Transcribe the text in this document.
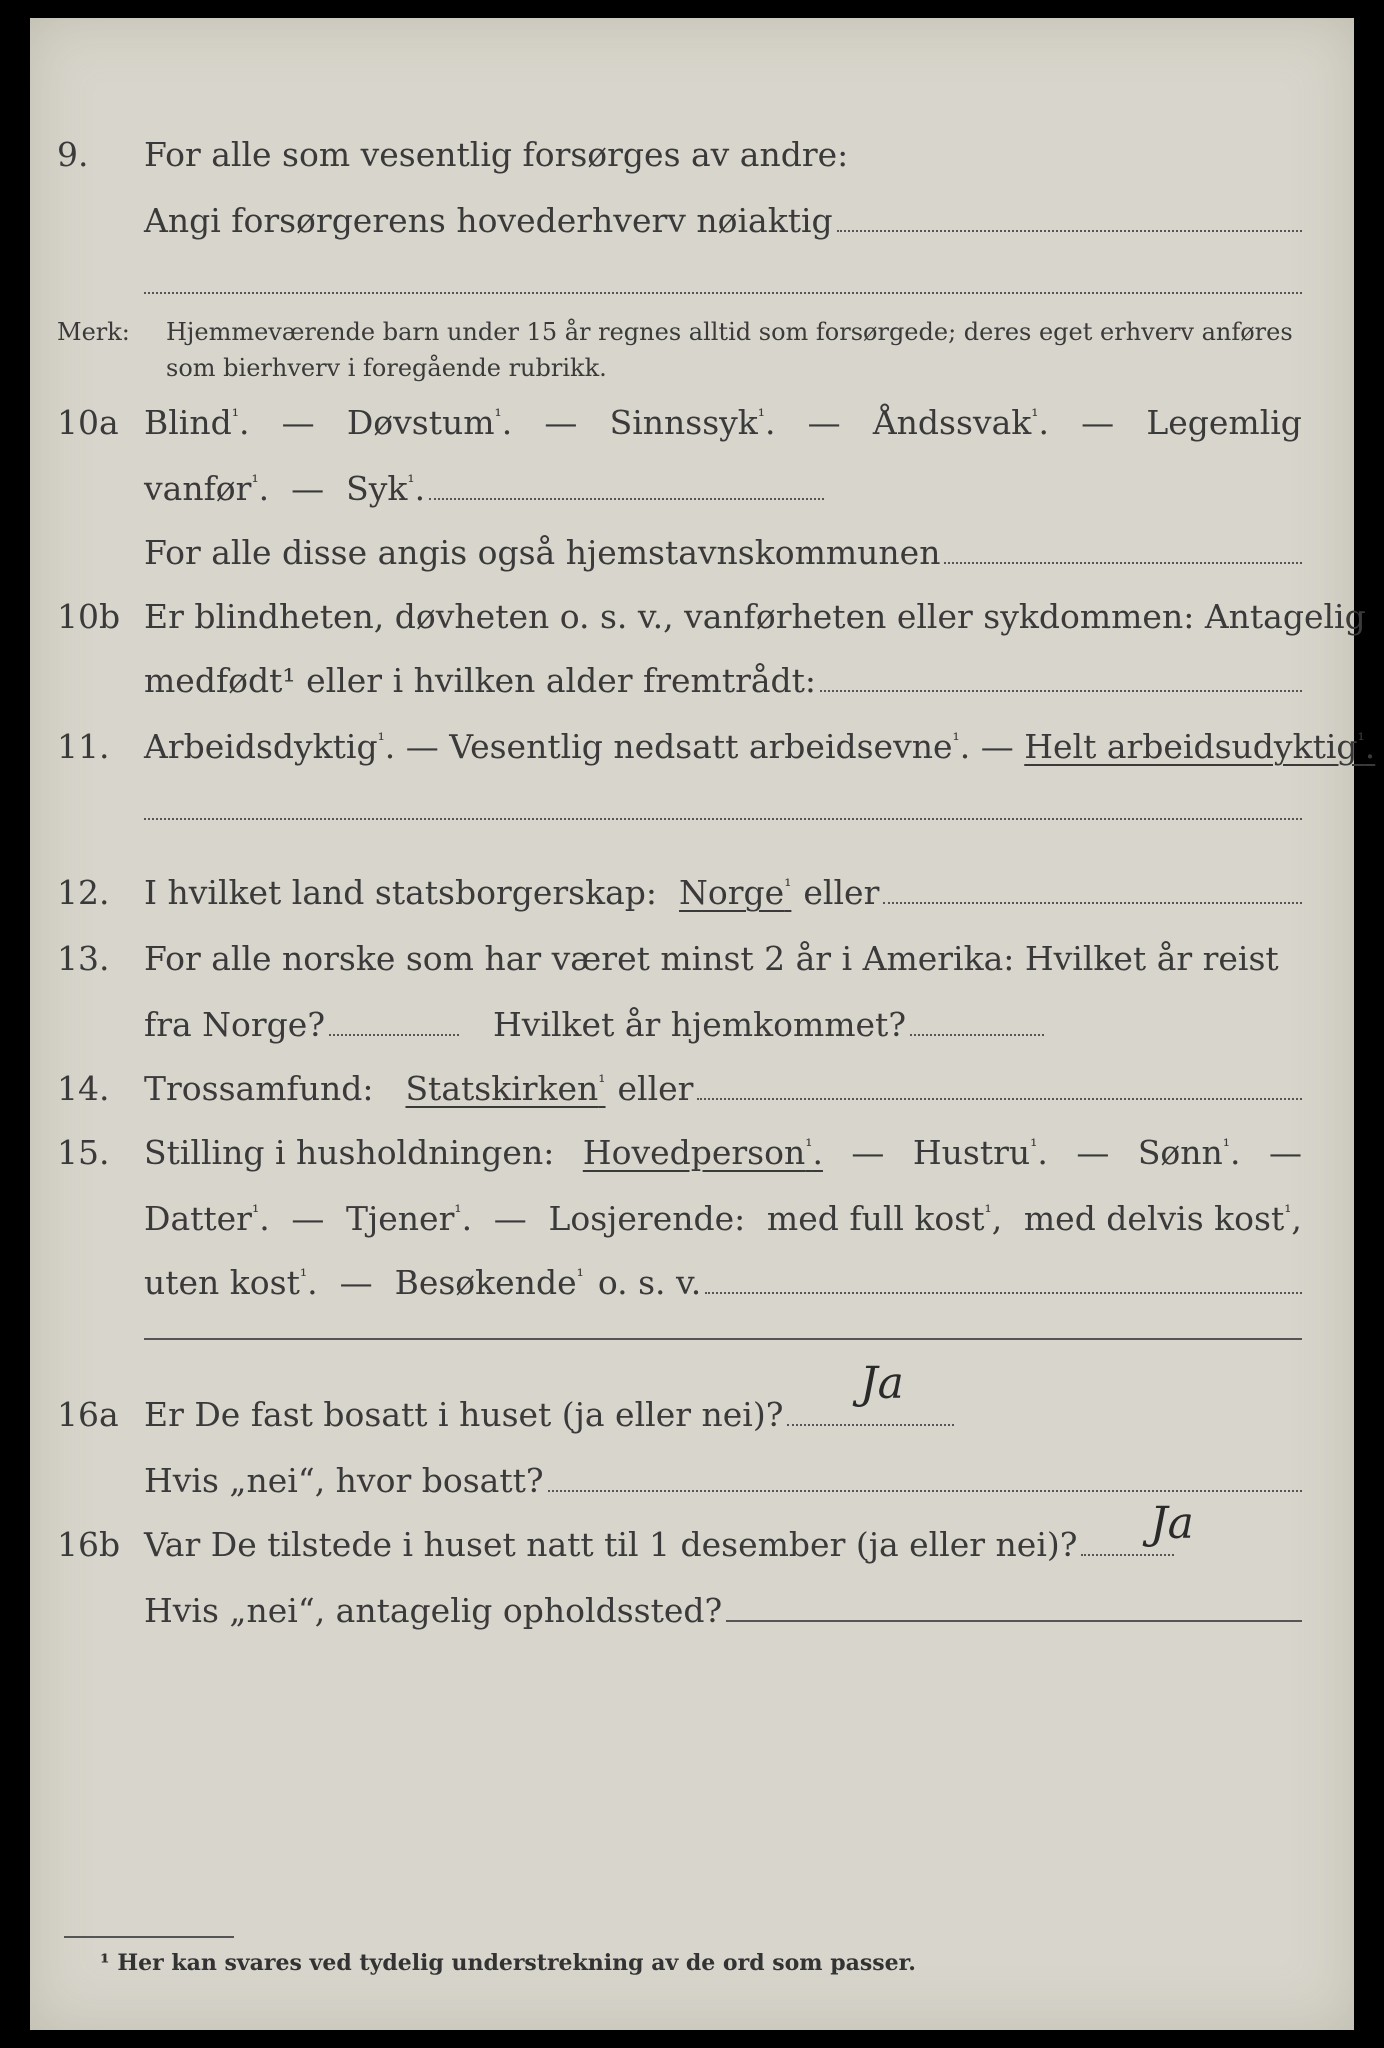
9. For alle som vesentlig forsørges av andre:
Angi forsørgerens hovederhverv nøiaktig
Merk: Hjemmeværende barn under 15 år regnes alltid som forsørgede; deres eget erhverv anføres som bierhverv i foregående rubrikk.
10a Blind$^{^1}$. — Døvstum$^{^1}$. — Sinnssyk$^{^1}$. — Åndssvak$^{^1}$. — Legemlig
vanfør$^{^1}$. — Syk$^{^1}$.
For alle disse angis også hjemstavnskommunen
10b Er blindheten, døvheten o. s. v., vanførheten eller sykdommen: Antagelig
medfødt¹ eller i hvilken alder fremtrådt:
11. Arbeidsdyktig$^{^1}$. — Vesentlig nedsatt arbeidsevne$^{^1}$. — Helt arbeidsudyktig$^{^1}$.
12. I hvilket land statsborgerskap: Norge$^{^1}$ eller
13. For alle norske som har været minst 2 år i Amerika: Hvilket år reist
fra Norge?	Hvilket år hjemkommet?
14. Trossamfund: Statskirken$^{^1}$ eller
15. Stilling i husholdningen: Hovedperson$^{^1}$. — Hustru$^{^1}$. — Sønn$^{^1}$. —
Datter$^{^1}$. — Tjener$^{^1}$. — Losjerende: med full kost$^{^1}$, med delvis kost$^{^1}$,
uten kost$^{^1}$. — Besøkende$^{^1}$ o. s. v.
16a Er De fast bosatt i huset (ja eller nei)?
Ja
Hvis „nei“, hvor bosatt?
16b Var De tilstede i huset natt til 1 desember (ja eller nei)? Ja
Hvis „nei“, antagelig opholdssted?
¹ Her kan svares ved tydelig understrekning av de ord som passer.
